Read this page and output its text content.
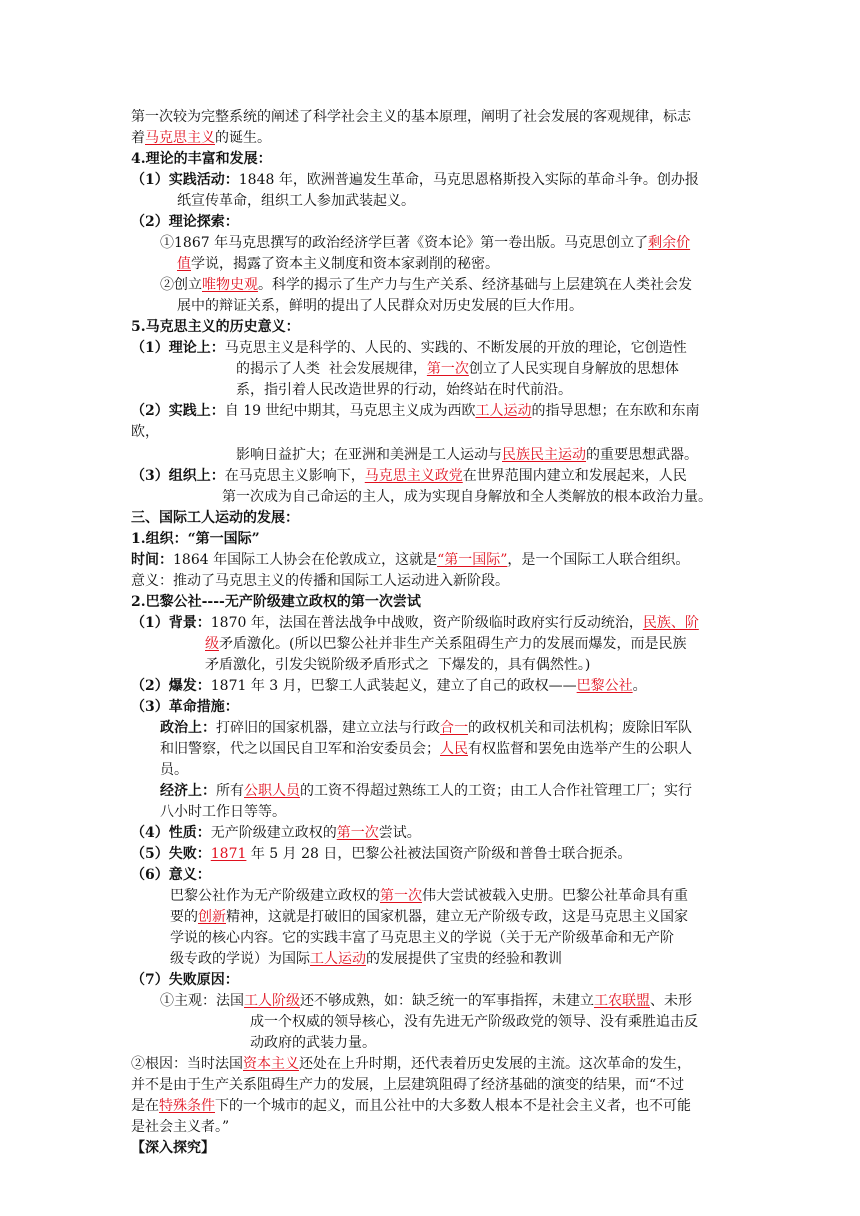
第一次较为完整系统的阐述了科学社会主义的基本原理，阐明了社会发展的客观规律，标志
着马克思主义的诞生。
4.理论的丰富和发展：
（1）实践活动：1848 年，欧洲普遍发生革命，马克思恩格斯投入实际的革命斗争。创办报
纸宣传革命，组织工人参加武装起义。
（2）理论探索：
①1867 年马克思撰写的政治经济学巨著《资本论》第一卷出版。马克思创立了剩余价
值学说，揭露了资本主义制度和资本家剥削的秘密。
②创立唯物史观。科学的揭示了生产力与生产关系、经济基础与上层建筑在人类社会发
展中的辩证关系，鲜明的提出了人民群众对历史发展的巨大作用。
5.马克思主义的历史意义：
（1）理论上：马克思主义是科学的、人民的、实践的、不断发展的开放的理论，它创造性
的揭示了人类  社会发展规律，第一次创立了人民实现自身解放的思想体
系，指引着人民改造世界的行动，始终站在时代前沿。
（2）实践上：自 19 世纪中期其，马克思主义成为西欧工人运动的指导思想；在东欧和东南
欧，
影响日益扩大；在亚洲和美洲是工人运动与民族民主运动的重要思想武器。
（3）组织上：在马克思主义影响下，马克思主义政党在世界范围内建立和发展起来，人民
第一次成为自己命运的主人，成为实现自身解放和全人类解放的根本政治力量。
三、国际工人运动的发展：
1.组织：“第一国际”
时间：1864 年国际工人协会在伦敦成立，这就是“第一国际”，是一个国际工人联合组织。
意义：推动了马克思主义的传播和国际工人运动进入新阶段。
2.巴黎公社----无产阶级建立政权的第一次尝试
（1）背景：1870 年，法国在普法战争中战败，资产阶级临时政府实行反动统治，民族、阶
级矛盾激化。(所以巴黎公社并非生产关系阻碍生产力的发展而爆发，而是民族
矛盾激化，引发尖锐阶级矛盾形式之  下爆发的，具有偶然性。)
（2）爆发：1871 年 3 月，巴黎工人武装起义，建立了自己的政权——巴黎公社。
（3）革命措施：
政治上：打碎旧的国家机器，建立立法与行政合一的政权机关和司法机构；废除旧军队
和旧警察，代之以国民自卫军和治安委员会；人民有权监督和罢免由选举产生的公职人
员。
经济上：所有公职人员的工资不得超过熟练工人的工资；由工人合作社管理工厂；实行
八小时工作日等等。
（4）性质：无产阶级建立政权的第一次尝试。
（5）失败：1871 年 5 月 28 日，巴黎公社被法国资产阶级和普鲁士联合扼杀。
（6）意义：
巴黎公社作为无产阶级建立政权的第一次伟大尝试被载入史册。巴黎公社革命具有重
要的创新精神，这就是打破旧的国家机器，建立无产阶级专政，这是马克思主义国家
学说的核心内容。它的实践丰富了马克思主义的学说（关于无产阶级革命和无产阶
级专政的学说）为国际工人运动的发展提供了宝贵的经验和教训
（7）失败原因：
①主观：法国工人阶级还不够成熟，如：缺乏统一的军事指挥，未建立工农联盟、未形
成一个权威的领导核心，没有先进无产阶级政党的领导、没有乘胜追击反
动政府的武装力量。
②根因：当时法国资本主义还处在上升时期，还代表着历史发展的主流。这次革命的发生，
并不是由于生产关系阻碍生产力的发展，上层建筑阻碍了经济基础的演变的结果，而“不过
是在特殊条件下的一个城市的起义，而且公社中的大多数人根本不是社会主义者，也不可能
是社会主义者。”
【深入探究】
